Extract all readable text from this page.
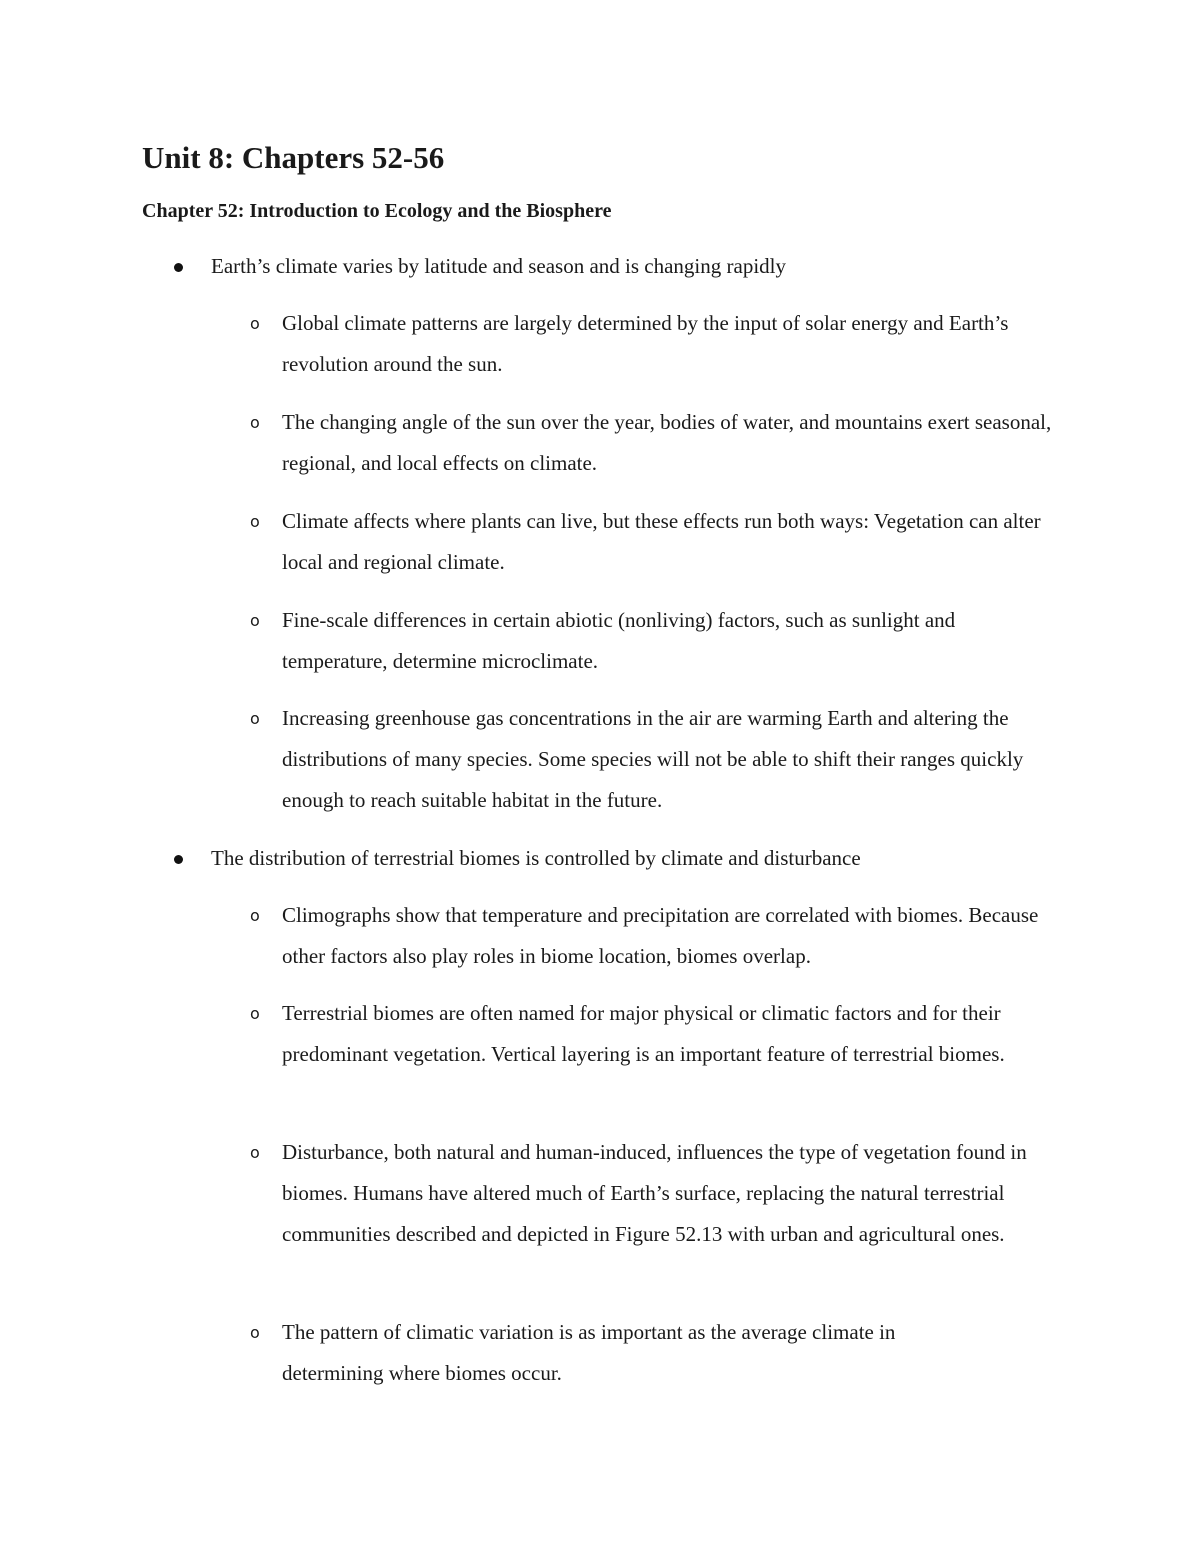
Unit 8: Chapters 52-56
Chapter 52: Introduction to Ecology and the Biosphere
Earth’s climate varies by latitude and season and is changing rapidly
o Global climate patterns are largely determined by the input of solar energy and Earth’s revolution around the sun.
o The changing angle of the sun over the year, bodies of water, and mountains exert seasonal, regional, and local effects on climate.
o Climate affects where plants can live, but these effects run both ways: Vegetation can alter local and regional climate.
o Fine-scale differences in certain abiotic (nonliving) factors, such as sunlight and temperature, determine microclimate.
o Increasing greenhouse gas concentrations in the air are warming Earth and altering the distributions of many species. Some species will not be able to shift their ranges quickly enough to reach suitable habitat in the future.
The distribution of terrestrial biomes is controlled by climate and disturbance
o Climographs show that temperature and precipitation are correlated with biomes. Because other factors also play roles in biome location, biomes overlap.
o Terrestrial biomes are often named for major physical or climatic factors and for their predominant vegetation. Vertical layering is an important feature of terrestrial biomes.
o Disturbance, both natural and human-induced, influences the type of vegetation found in biomes. Humans have altered much of Earth’s surface, replacing the natural terrestrial communities described and depicted in Figure 52.13 with urban and agricultural ones.
o The pattern of climatic variation is as important as the average climate in determining where biomes occur.
